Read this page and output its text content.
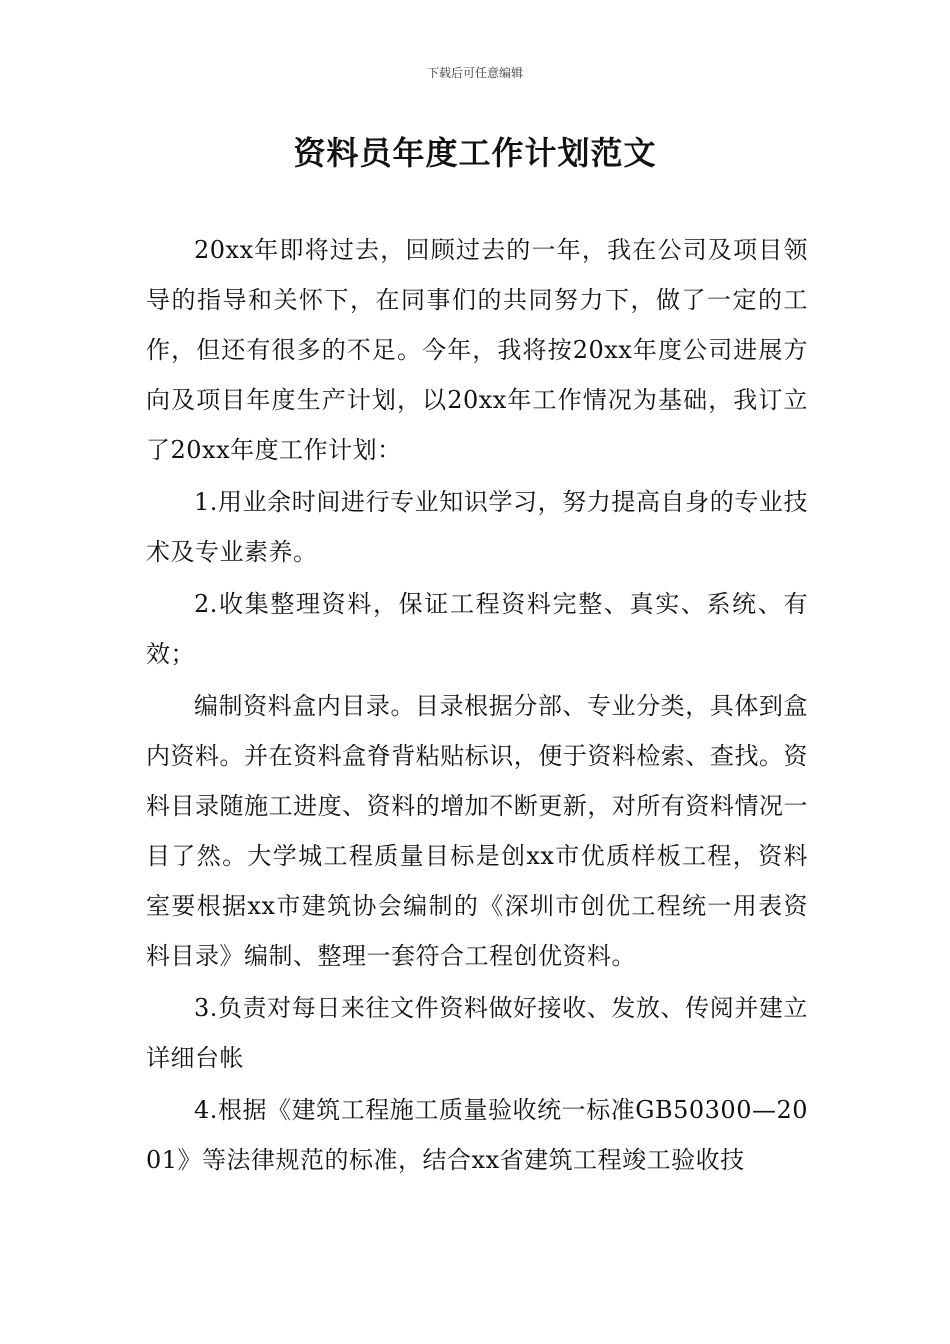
下载后可任意编辑
资料员年度工作计划范文

20xx年即将过去，回顾过去的一年，我在公司及项目领导的指导和关怀下，在同事们的共同努力下，做了一定的工作，但还有很多的不足。今年，我将按20xx年度公司进展方向及项目年度生产计划，以20xx年工作情况为基础，我订立了20xx年度工作计划：

1.用业余时间进行专业知识学习，努力提高自身的专业技术及专业素养。

2.收集整理资料，保证工程资料完整、真实、系统、有效；

编制资料盒内目录。目录根据分部、专业分类，具体到盒内资料。并在资料盒脊背粘贴标识，便于资料检索、查找。资料目录随施工进度、资料的增加不断更新，对所有资料情况一目了然。大学城工程质量目标是创xx市优质样板工程，资料室要根据xx市建筑协会编制的《深圳市创优工程统一用表资料目录》编制、整理一套符合工程创优资料。

3.负责对每日来往文件资料做好接收、发放、传阅并建立详细台帐

4.根据《建筑工程施工质量验收统一标准GB50300—2001》等法律规范的标准，结合xx省建筑工程竣工验收技
